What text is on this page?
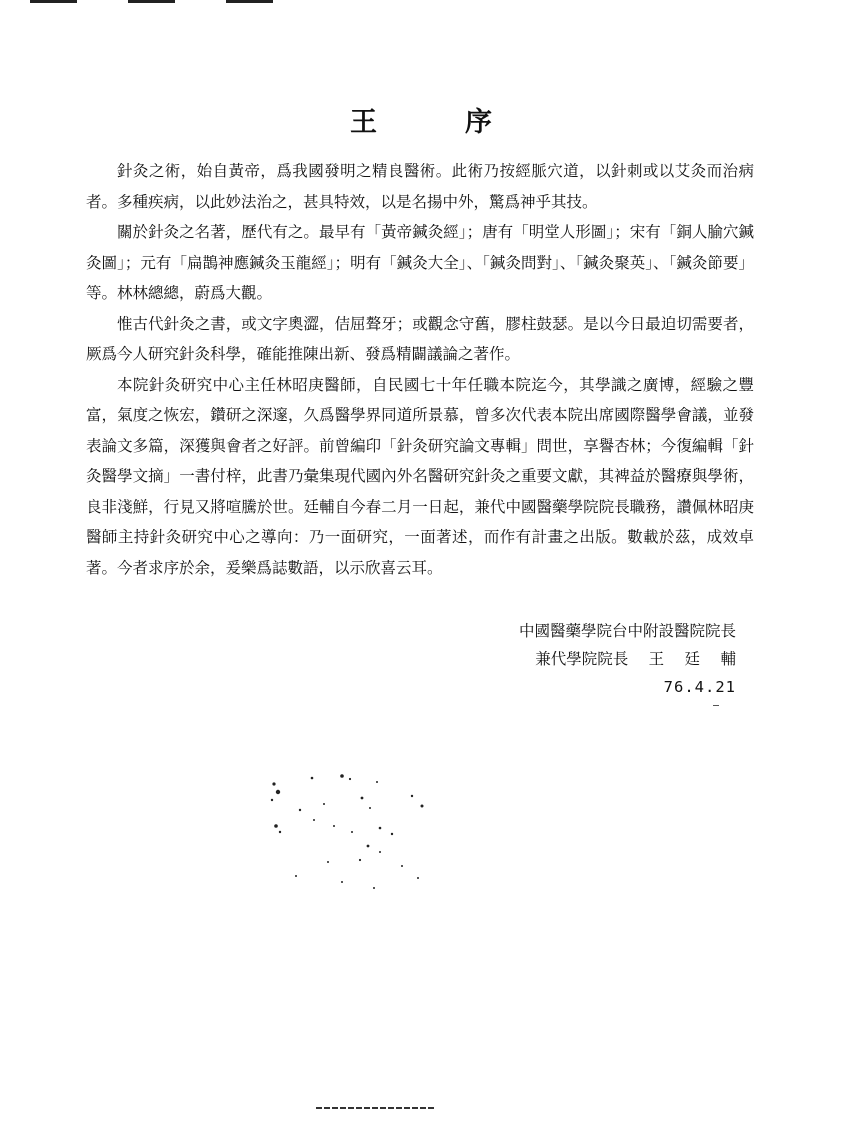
王	序

針灸之術，始自黃帝，爲我國發明之精良醫術。此術乃按經脈穴道，以針刺或以艾灸而治病者。多種疾病，以此妙法治之，甚具特效，以是名揚中外，驚爲神乎其技。

關於針灸之名著，歷代有之。最早有「黃帝鍼灸經」；唐有「明堂人形圖」；宋有「銅人腧穴鍼灸圖」；元有「扁鵲神應鍼灸玉龍經」；明有「鍼灸大全」、「鍼灸問對」、「鍼灸聚英」、「鍼灸節要」等。林林總總，蔚爲大觀。

惟古代針灸之書，或文字奧澀，佶屈聱牙；或觀念守舊，膠柱鼓瑟。是以今日最迫切需要者，厥爲今人研究針灸科學，確能推陳出新、發爲精闢議論之著作。

本院針灸研究中心主任林昭庚醫師，自民國七十年任職本院迄今，其學識之廣博，經驗之豐富，氣度之恢宏，鑽研之深邃，久爲醫學界同道所景慕，曾多次代表本院出席國際醫學會議，並發表論文多篇，深獲與會者之好評。前曾編印「針灸研究論文專輯」問世，享譽杏林；今復編輯「針灸醫學文摘」一書付梓，此書乃彙集現代國內外名醫研究針灸之重要文獻，其裨益於醫療與學術，良非淺鮮，行見又將喧騰於世。廷輔自今春二月一日起，兼代中國醫藥學院院長職務，讚佩林昭庚醫師主持針灸研究中心之導向：乃一面研究，一面著述，而作有計畫之出版。數載於茲，成效卓著。今者求序於余，爰樂爲誌數語，以示欣喜云耳。

中國醫藥學院台中附設醫院院長
兼代學院院長　 王　 廷　 輔
76.4.21
